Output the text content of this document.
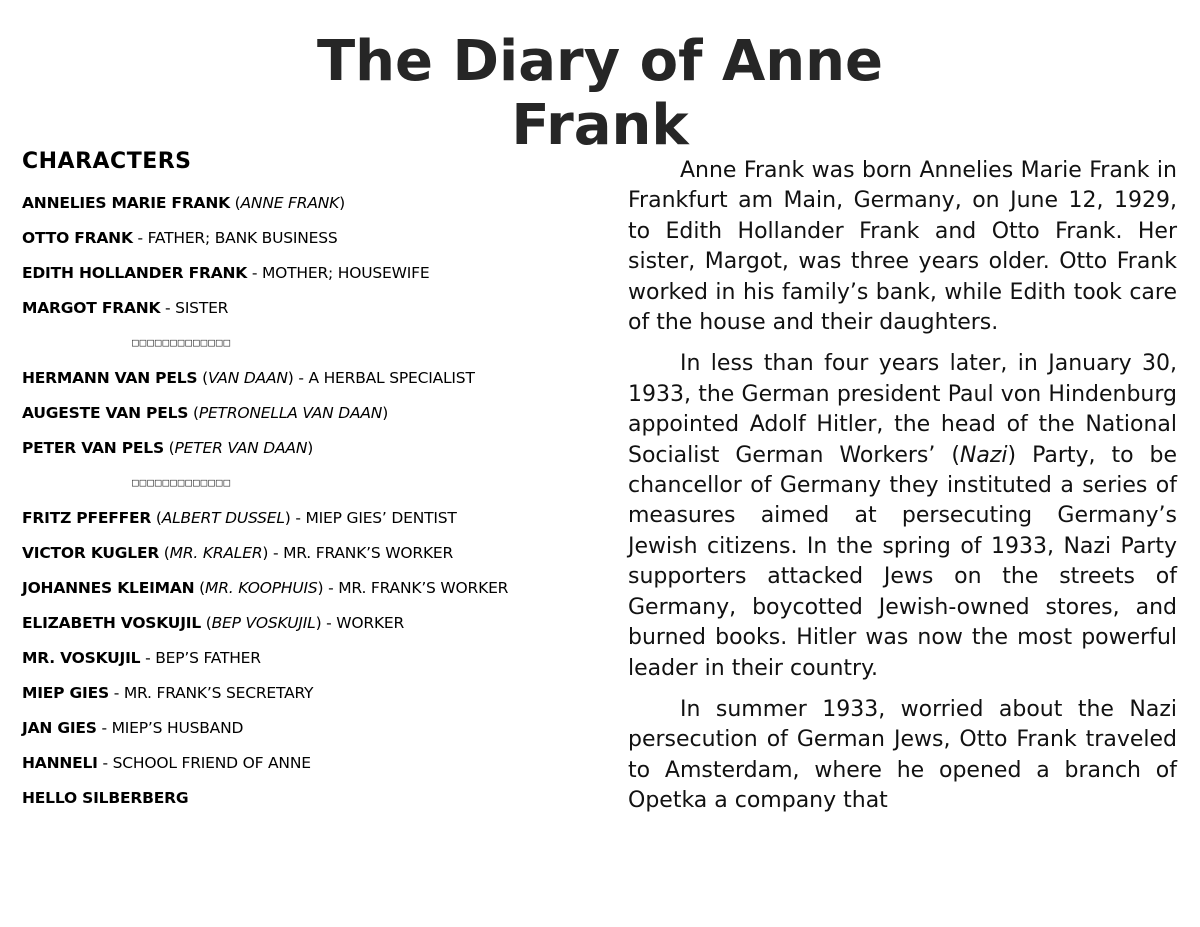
The Diary of Anne Frank
CHARACTERS
ANNELIES MARIE FRANK (ANNE FRANK)
OTTO FRANK - FATHER; BANK BUSINESS
EDITH HOLLANDER FRANK - MOTHER; HOUSEWIFE
MARGOT FRANK - SISTER
□□□□□□□□□□□□□
HERMANN VAN PELS (VAN DAAN) - A HERBAL SPECIALIST
AUGESTE VAN PELS (PETRONELLA VAN DAAN)
PETER VAN PELS (PETER VAN DAAN)
□□□□□□□□□□□□□
FRITZ PFEFFER (ALBERT DUSSEL) - MIEP GIES’ DENTIST
VICTOR KUGLER (MR. KRALER) - MR. FRANK’S WORKER
JOHANNES KLEIMAN (MR. KOOPHUIS) - MR. FRANK’S WORKER
ELIZABETH VOSKUJIL (BEP VOSKUJIL) - WORKER
MR. VOSKUJIL - BEP’S FATHER
MIEP GIES - MR. FRANK’S SECRETARY
JAN GIES - MIEP’S HUSBAND
HANNELI - SCHOOL FRIEND OF ANNE
HELLO SILBERBERG

Anne Frank was born Annelies Marie Frank in Frankfurt am Main, Germany, on June 12, 1929, to Edith Hollander Frank and Otto Frank. Her sister, Margot, was three years older. Otto Frank worked in his family’s bank, while Edith took care of the house and their daughters.

In less than four years later, in January 30, 1933, the German president Paul von Hindenburg appointed Adolf Hitler, the head of the National Socialist German Workers’ (Nazi) Party, to be chancellor of Germany they instituted a series of measures aimed at persecuting Germany’s Jewish citizens. In the spring of 1933, Nazi Party supporters attacked Jews on the streets of Germany, boycotted Jewish-owned stores, and burned books. Hitler was now the most powerful leader in their country.

In summer 1933, worried about the Nazi persecution of German Jews, Otto Frank traveled to Amsterdam, where he opened a branch of Opetka a company that
